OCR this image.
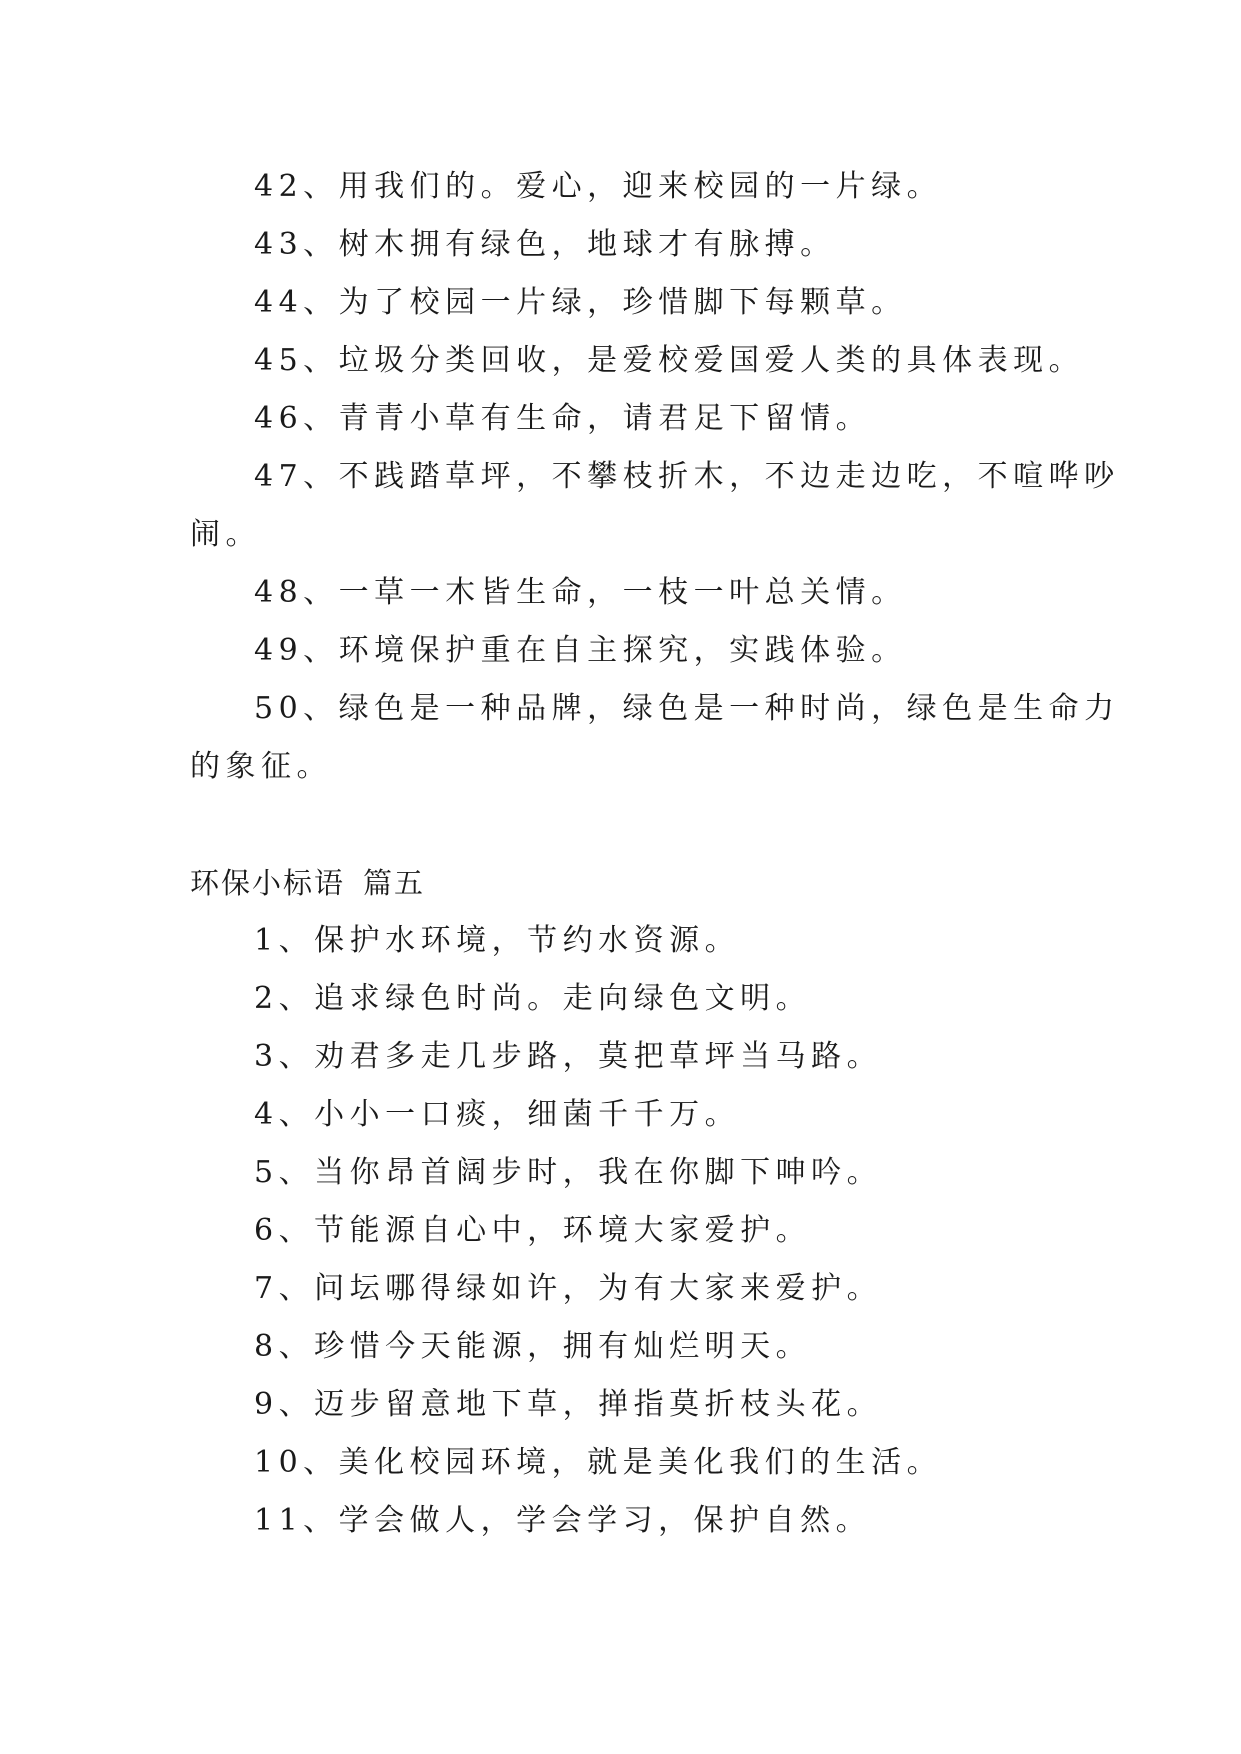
42、用我们的。爱心，迎来校园的一片绿。
43、树木拥有绿色，地球才有脉搏。
44、为了校园一片绿，珍惜脚下每颗草。
45、垃圾分类回收，是爱校爱国爱人类的具体表现。
46、青青小草有生命，请君足下留情。
47、不践踏草坪，不攀枝折木，不边走边吃，不喧哗吵
闹。
48、一草一木皆生命，一枝一叶总关情。
49、环境保护重在自主探究，实践体验。
50、绿色是一种品牌，绿色是一种时尚，绿色是生命力
的象征。
环保小标语 篇五
1、保护水环境，节约水资源。
2、追求绿色时尚。走向绿色文明。
3、劝君多走几步路，莫把草坪当马路。
4、小小一口痰，细菌千千万。
5、当你昂首阔步时，我在你脚下呻吟。
6、节能源自心中，环境大家爱护。
7、问坛哪得绿如许，为有大家来爱护。
8、珍惜今天能源，拥有灿烂明天。
9、迈步留意地下草，掸指莫折枝头花。
10、美化校园环境，就是美化我们的生活。
11、学会做人，学会学习，保护自然。
